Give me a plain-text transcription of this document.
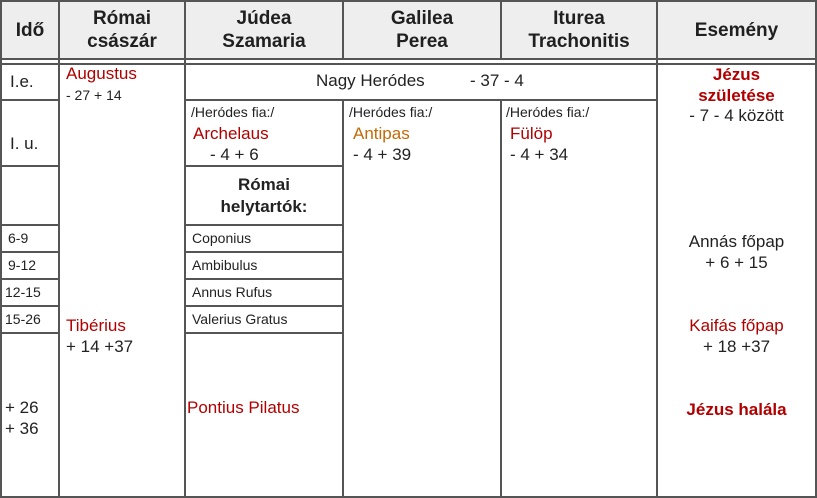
Idő
Római
császár
Júdea
Szamaria
Galilea
Perea
Iturea
Trachonitis
Esemény
I.e.
I. u.
6-9
9-12
12-15
15-26
+ 26
+ 36
Augustus
- 27 + 14
Tibérius
+ 14 +37
Nagy Heródes	- 37 - 4
/Heródes fia:/
Archelaus
- 4 + 6
/Heródes fia:/
Antipas
- 4 + 39
/Heródes fia:/
Fülöp
- 4 + 34
Római
helytartók:
Coponius
Ambibulus
Annus Rufus
Valerius Gratus
Pontius Pilatus
Jézus
születése
- 7 - 4 között
Annás főpap
+ 6 + 15
Kaifás főpap
+ 18 +37
Jézus halála
